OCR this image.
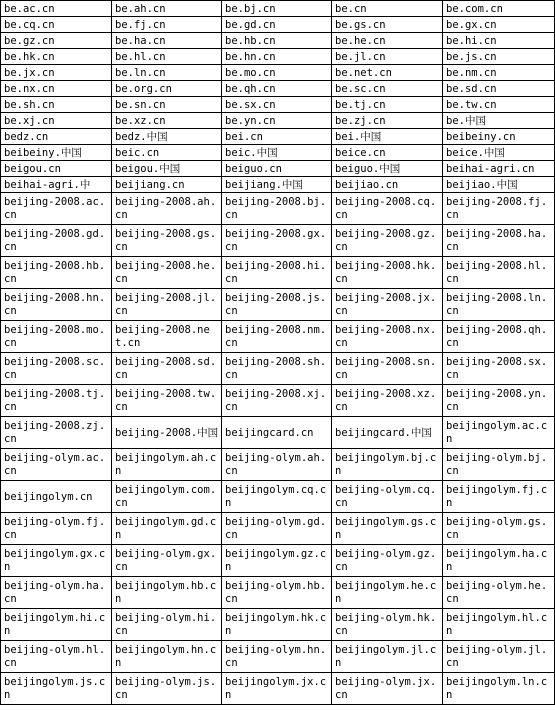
be.ac.cn	be.ah.cn	be.bj.cn	be.cn	be.com.cn
be.cq.cn	be.fj.cn	be.gd.cn	be.gs.cn	be.gx.cn
be.gz.cn	be.ha.cn	be.hb.cn	be.he.cn	be.hi.cn
be.hk.cn	be.hl.cn	be.hn.cn	be.jl.cn	be.js.cn
be.jx.cn	be.ln.cn	be.mo.cn	be.net.cn	be.nm.cn
be.nx.cn	be.org.cn	be.qh.cn	be.sc.cn	be.sd.cn
be.sh.cn	be.sn.cn	be.sx.cn	be.tj.cn	be.tw.cn
be.xj.cn	be.xz.cn	be.yn.cn	be.zj.cn	be.中国
bedz.cn	bedz.中国	bei.cn	bei.中国	beibeiny.cn
beibeiny.中国	beic.cn	beic.中国	beice.cn	beice.中国
beigou.cn	beigou.中国	beiguo.cn	beiguo.中国	beihai-agri.cn
beihai-agri.中	beijiang.cn	beijiang.中国	beijiao.cn	beijiao.中国
beijing-2008.ac.cn	beijing-2008.ah.cn	beijing-2008.bj.cn	beijing-2008.cq.cn	beijing-2008.fj.cn
beijing-2008.gd.cn	beijing-2008.gs.cn	beijing-2008.gx.cn	beijing-2008.gz.cn	beijing-2008.ha.cn
beijing-2008.hb.cn	beijing-2008.he.cn	beijing-2008.hi.cn	beijing-2008.hk.cn	beijing-2008.hl.cn
beijing-2008.hn.cn	beijing-2008.jl.cn	beijing-2008.js.cn	beijing-2008.jx.cn	beijing-2008.ln.cn
beijing-2008.mo.cn	beijing-2008.net.cn	beijing-2008.nm.cn	beijing-2008.nx.cn	beijing-2008.qh.cn
beijing-2008.sc.cn	beijing-2008.sd.cn	beijing-2008.sh.cn	beijing-2008.sn.cn	beijing-2008.sx.cn
beijing-2008.tj.cn	beijing-2008.tw.cn	beijing-2008.xj.cn	beijing-2008.xz.cn	beijing-2008.yn.cn
beijing-2008.zj.cn	beijing-2008.中国	beijingcard.cn	beijingcard.中国	beijingolym.ac.cn
beijing-olym.ac.cn	beijingolym.ah.cn	beijing-olym.ah.cn	beijingolym.bj.cn	beijing-olym.bj.cn
beijingolym.cn	beijingolym.com.cn	beijingolym.cq.cn	beijing-olym.cq.cn	beijingolym.fj.cn
beijing-olym.fj.cn	beijingolym.gd.cn	beijing-olym.gd.cn	beijingolym.gs.cn	beijing-olym.gs.cn
beijingolym.gx.cn	beijing-olym.gx.cn	beijingolym.gz.cn	beijing-olym.gz.cn	beijingolym.ha.cn
beijing-olym.ha.cn	beijingolym.hb.cn	beijing-olym.hb.cn	beijingolym.he.cn	beijing-olym.he.cn
beijingolym.hi.cn	beijing-olym.hi.cn	beijingolym.hk.cn	beijing-olym.hk.cn	beijingolym.hl.cn
beijing-olym.hl.cn	beijingolym.hn.cn	beijing-olym.hn.cn	beijingolym.jl.cn	beijing-olym.jl.cn
beijingolym.js.cn	beijing-olym.js.cn	beijingolym.jx.cn	beijing-olym.jx.cn	beijingolym.ln.cn
